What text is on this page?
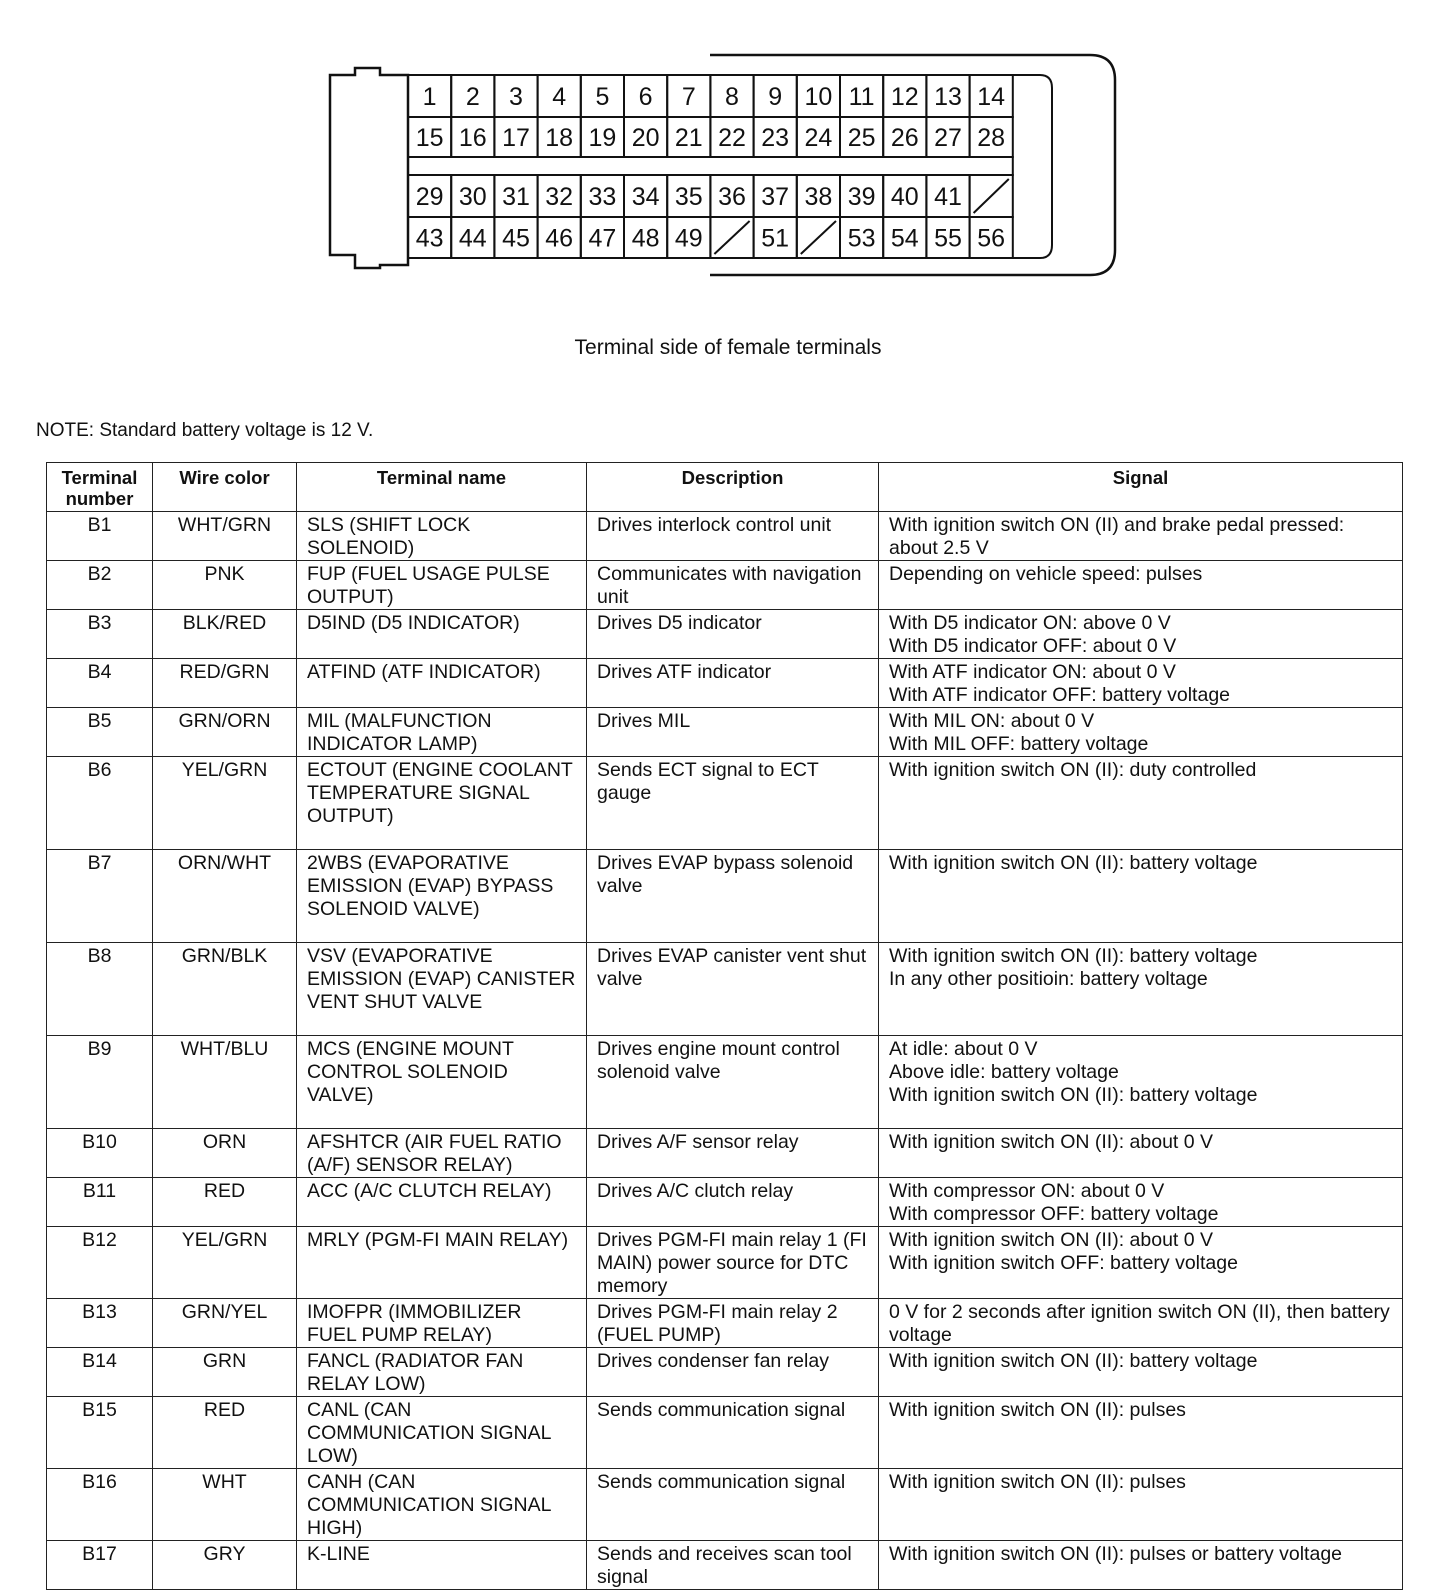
1 2 3 4 5 6 7 8 9 10 11 12 13 14
15 16 17 18 19 20 21 22 23 24 25 26 27 28
29 30 31 32 33 34 35 36 37 38 39 40 41
43 44 45 46 47 48 49 51 53 54 55 56
Terminal side of female terminals
NOTE: Standard battery voltage is 12 V.
Terminal number	Wire color	Terminal name	Description	Signal
B1	WHT/GRN	SLS (SHIFT LOCK SOLENOID)	Drives interlock control unit	With ignition switch ON (II) and brake pedal pressed: about 2.5 V
B2	PNK	FUP (FUEL USAGE PULSE OUTPUT)	Communicates with navigation unit	Depending on vehicle speed: pulses
B3	BLK/RED	D5IND (D5 INDICATOR)	Drives D5 indicator	With D5 indicator ON: above 0 V
With D5 indicator OFF: about 0 V
B4	RED/GRN	ATFIND (ATF INDICATOR)	Drives ATF indicator	With ATF indicator ON: about 0 V
With ATF indicator OFF: battery voltage
B5	GRN/ORN	MIL (MALFUNCTION INDICATOR LAMP)	Drives MIL	With MIL ON: about 0 V
With MIL OFF: battery voltage
B6	YEL/GRN	ECTOUT (ENGINE COOLANT TEMPERATURE SIGNAL OUTPUT)	Sends ECT signal to ECT gauge	With ignition switch ON (II): duty controlled
B7	ORN/WHT	2WBS (EVAPORATIVE EMISSION (EVAP) BYPASS SOLENOID VALVE)	Drives EVAP bypass solenoid valve	With ignition switch ON (II): battery voltage
B8	GRN/BLK	VSV (EVAPORATIVE EMISSION (EVAP) CANISTER VENT SHUT VALVE	Drives EVAP canister vent shut valve	With ignition switch ON (II): battery voltage
In any other positioin: battery voltage
B9	WHT/BLU	MCS (ENGINE MOUNT CONTROL SOLENOID VALVE)	Drives engine mount control solenoid valve	At idle: about 0 V
Above idle: battery voltage
With ignition switch ON (II): battery voltage
B10	ORN	AFSHTCR (AIR FUEL RATIO (A/F) SENSOR RELAY)	Drives A/F sensor relay	With ignition switch ON (II): about 0 V
B11	RED	ACC (A/C CLUTCH RELAY)	Drives A/C clutch relay	With compressor ON: about 0 V
With compressor OFF: battery voltage
B12	YEL/GRN	MRLY (PGM-FI MAIN RELAY)	Drives PGM-FI main relay 1 (FI MAIN) power source for DTC memory	With ignition switch ON (II): about 0 V
With ignition switch OFF: battery voltage
B13	GRN/YEL	IMOFPR (IMMOBILIZER FUEL PUMP RELAY)	Drives PGM-FI main relay 2 (FUEL PUMP)	0 V for 2 seconds after ignition switch ON (II), then battery voltage
B14	GRN	FANCL (RADIATOR FAN RELAY LOW)	Drives condenser fan relay	With ignition switch ON (II): battery voltage
B15	RED	CANL (CAN COMMUNICATION SIGNAL LOW)	Sends communication signal	With ignition switch ON (II): pulses
B16	WHT	CANH (CAN COMMUNICATION SIGNAL HIGH)	Sends communication signal	With ignition switch ON (II): pulses
B17	GRY	K-LINE	Sends and receives scan tool signal	With ignition switch ON (II): pulses or battery voltage
